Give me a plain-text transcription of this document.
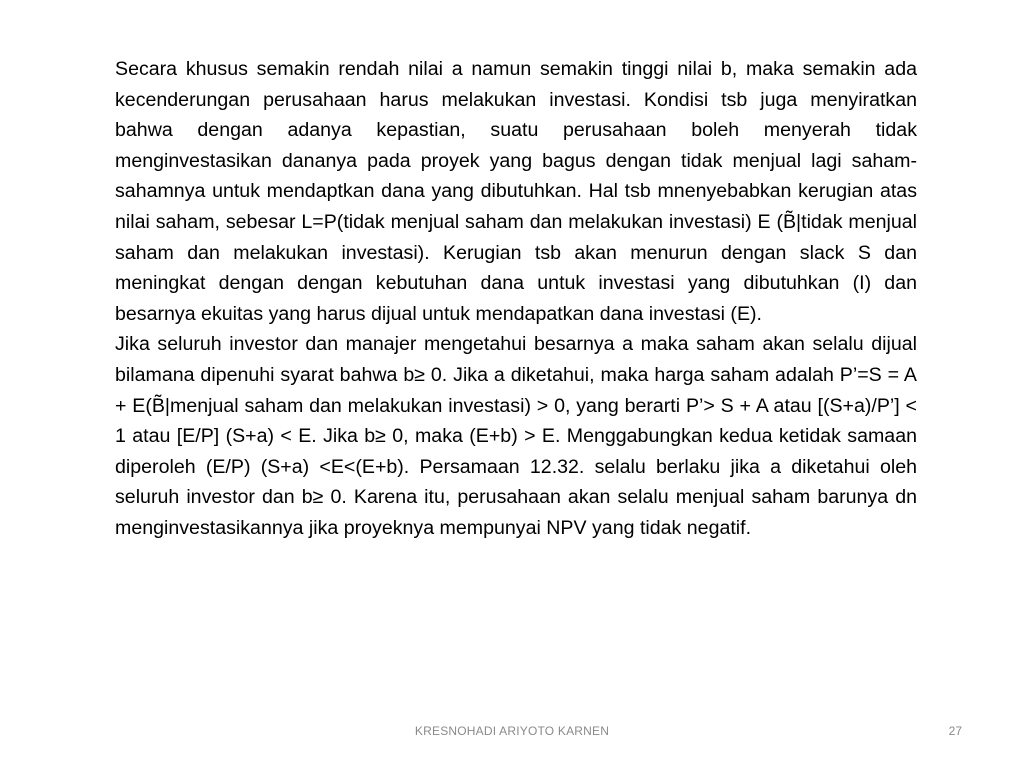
Secara khusus semakin rendah nilai a namun semakin tinggi nilai b, maka semakin ada kecenderungan perusahaan harus melakukan investasi. Kondisi tsb juga menyiratkan bahwa dengan adanya kepastian, suatu perusahaan boleh menyerah tidak menginvestasikan dananya pada proyek yang bagus dengan tidak menjual lagi saham-sahamnya untuk mendaptkan dana yang dibutuhkan. Hal tsb mnenyebabkan kerugian atas nilai saham, sebesar L=P(tidak menjual saham dan melakukan investasi) E (B̃|tidak menjual saham dan melakukan investasi). Kerugian tsb akan menurun dengan slack S dan meningkat dengan dengan kebutuhan dana untuk investasi yang dibutuhkan (I) dan besarnya ekuitas yang harus dijual untuk mendapatkan dana investasi (E).

Jika seluruh investor dan manajer mengetahui besarnya a maka saham akan selalu dijual bilamana dipenuhi syarat bahwa b≥ 0. Jika a diketahui, maka harga saham adalah P’=S = A + E(B̃|menjual saham dan melakukan investasi) > 0, yang berarti P’> S + A atau [(S+a)/P’] < 1 atau [E/P] (S+a) < E. Jika b≥ 0, maka (E+b) > E. Menggabungkan kedua ketidak samaan diperoleh (E/P) (S+a) <E<(E+b). Persamaan 12.32. selalu berlaku jika a diketahui oleh seluruh investor dan b≥ 0. Karena itu, perusahaan akan selalu menjual saham barunya dn menginvestasikannya jika proyeknya mempunyai NPV yang tidak negatif.

KRESNOHADI ARIYOTO KARNEN	27
